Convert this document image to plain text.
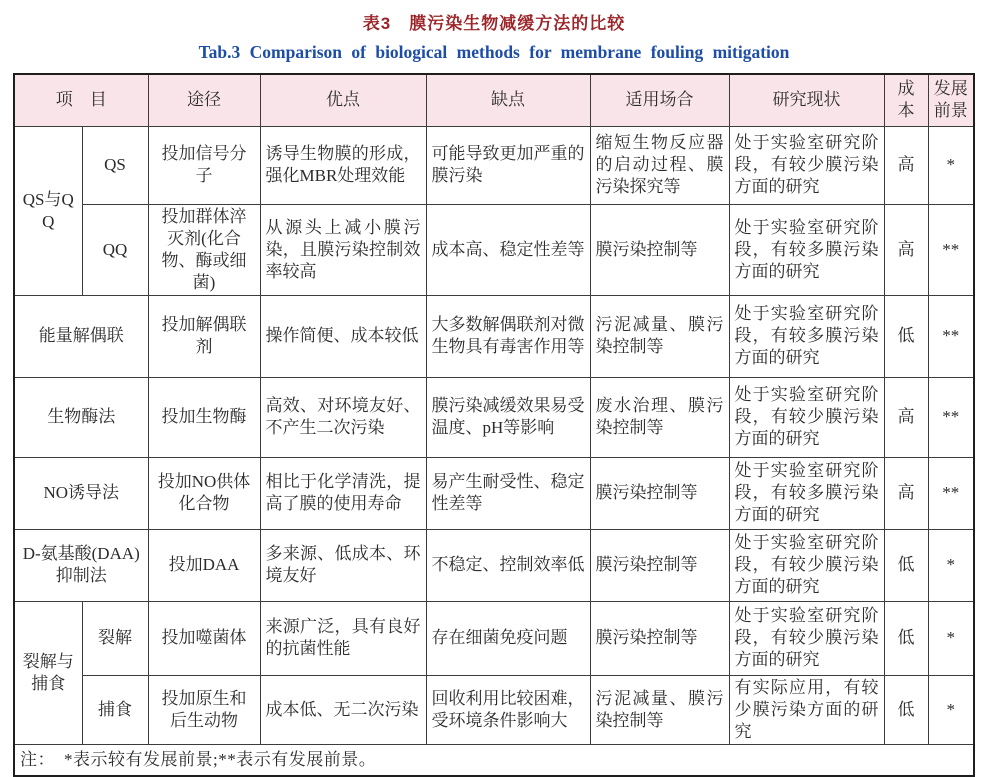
表3　膜污染生物减缓方法的比较
Tab.3 Comparison of biological methods for membrane fouling mitigation
项　目		途径	优点	缺点	适用场合	研究现状	成本	发展前景
QS与QQ	QS	投加信号分子	诱导生物膜的形成，强化MBR处理效能	可能导致更加严重的膜污染	缩短生物反应器的启动过程、膜污染探究等	处于实验室研究阶段，有较少膜污染方面的研究	高	*
	QQ	投加群体淬灭剂(化合物、酶或细菌)	从源头上减小膜污染，且膜污染控制效率较高	成本高、稳定性差等	膜污染控制等	处于实验室研究阶段，有较多膜污染方面的研究	高	**
能量解偶联		投加解偶联剂	操作简便、成本较低	大多数解偶联剂对微生物具有毒害作用等	污泥减量、膜污染控制等	处于实验室研究阶段，有较多膜污染方面的研究	低	**
生物酶法		投加生物酶	高效、对环境友好、不产生二次污染	膜污染减缓效果易受温度、pH等影响	废水治理、膜污染控制等	处于实验室研究阶段，有较少膜污染方面的研究	高	**
NO诱导法		投加NO供体化合物	相比于化学清洗，提高了膜的使用寿命	易产生耐受性、稳定性差等	膜污染控制等	处于实验室研究阶段，有较多膜污染方面的研究	高	**
D-氨基酸(DAA)抑制法		投加DAA	多来源、低成本、环境友好	不稳定、控制效率低	膜污染控制等	处于实验室研究阶段，有较少膜污染方面的研究	低	*
裂解与捕食	裂解	投加噬菌体	来源广泛，具有良好的抗菌性能	存在细菌免疫问题	膜污染控制等	处于实验室研究阶段，有较少膜污染方面的研究	低	*
	捕食	投加原生和后生动物	成本低、无二次污染	回收利用比较困难，受环境条件影响大	污泥减量、膜污染控制等	有实际应用，有较少膜污染方面的研究	低	*
注：　*表示较有发展前景;**表示有发展前景。								
